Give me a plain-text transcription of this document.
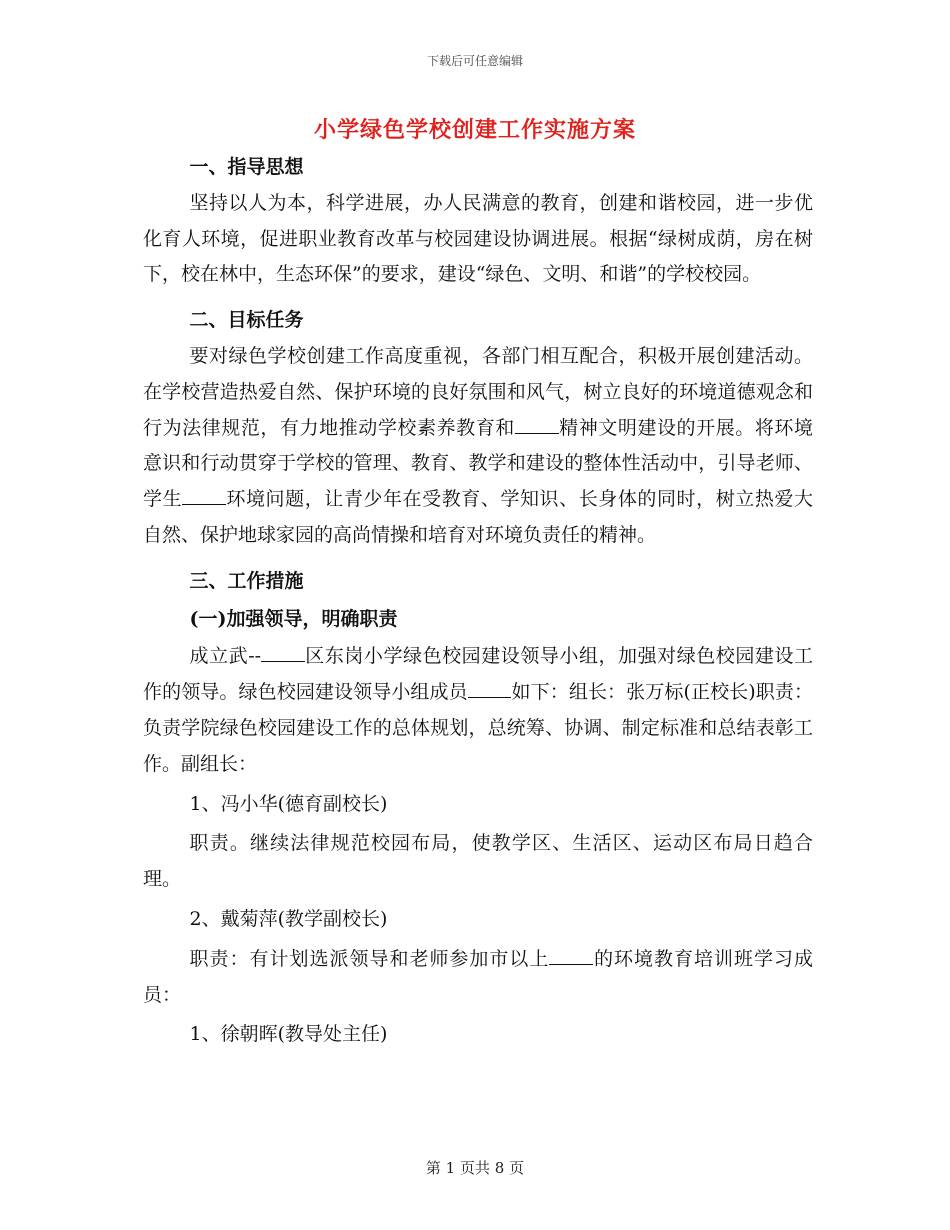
下载后可任意编辑
小学绿色学校创建工作实施方案
一、指导思想

坚持以人为本，科学进展，办人民满意的教育，创建和谐校园，进一步优化育人环境，促进职业教育改革与校园建设协调进展。根据“绿树成荫，房在树下，校在林中，生态环保”的要求，建设“绿色、文明、和谐”的学校校园。

二、目标任务

要对绿色学校创建工作高度重视，各部门相互配合，积极开展创建活动。在学校营造热爱自然、保护环境的良好氛围和风气，树立良好的环境道德观念和行为法律规范，有力地推动学校素养教育和 精神文明建设的开展。将环境意识和行动贯穿于学校的管理、教育、教学和建设的整体性活动中，引导老师、学生 环境问题，让青少年在受教育、学知识、长身体的同时，树立热爱大自然、保护地球家园的高尚情操和培育对环境负责任的精神。

三、工作措施
(一)加强领导，明确职责

成立武-- 区东岗小学绿色校园建设领导小组，加强对绿色校园建设工作的领导。绿色校园建设领导小组成员 如下：组长：张万标(正校长)职责：负责学院绿色校园建设工作的总体规划，总统筹、协调、制定标准和总结表彰工作。副组长：

1、冯小华(德育副校长)

职责。继续法律规范校园布局，使教学区、生活区、运动区布局日趋合理。

2、戴菊萍(教学副校长)

职责：有计划选派领导和老师参加市以上 的环境教育培训班学习成员：

1、徐朝晖(教导处主任)

第 1 页共 8 页
